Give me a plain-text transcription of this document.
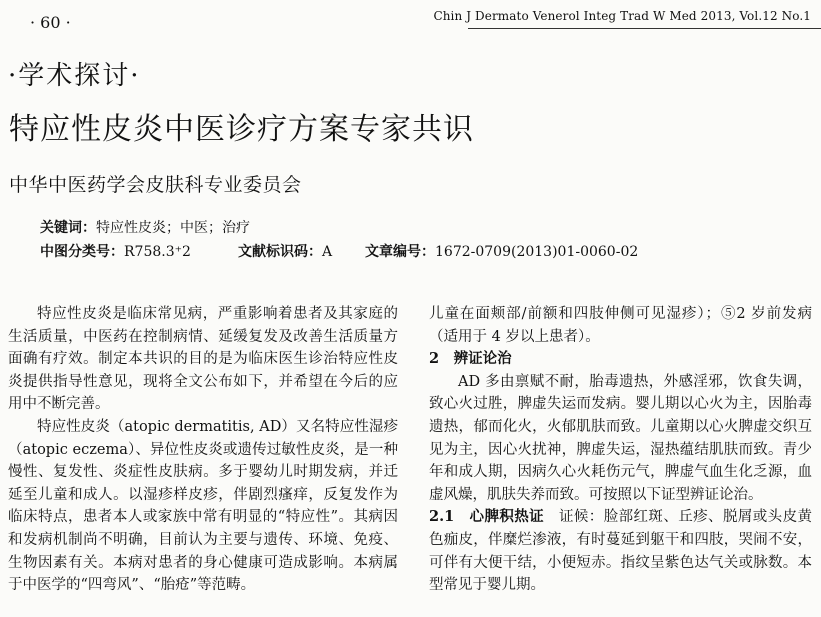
· 60 ·	Chin J Dermato Venerol Integ Trad W Med 2013, Vol.12 No.1
·学术探讨·
特应性皮炎中医诊疗方案专家共识
中华中医药学会皮肤科专业委员会
关键词：特应性皮炎；中医；治疗
中图分类号：R758.3⁺2	文献标识码：A 文章编号：1672-0709(2013)01-0060-02

特应性皮炎是临床常见病，严重影响着患者及其家庭的生活质量，中医药在控制病情、延缓复发及改善生活质量方面确有疗效。制定本共识的目的是为临床医生诊治特应性皮炎提供指导性意见，现将全文公布如下，并希望在今后的应用中不断完善。

特应性皮炎（atopic dermatitis, AD）又名特应性湿疹（atopic eczema）、异位性皮炎或遗传过敏性皮炎，是一种慢性、复发性、炎症性皮肤病。多于婴幼儿时期发病，并迁延至儿童和成人。以湿疹样皮疹，伴剧烈瘙痒，反复发作为临床特点，患者本人或家族中常有明显的“特应性”。其病因和发病机制尚不明确，目前认为主要与遗传、环境、免疫、生物因素有关。本病对患者的身心健康可造成影响。本病属于中医学的“四弯风”、“胎疮”等范畴。

儿童在面颊部/前额和四肢伸侧可见湿疹）；⑤2 岁前发病（适用于 4 岁以上患者）。

2　辨证论治

AD 多由禀赋不耐，胎毒遗热，外感淫邪，饮食失调，致心火过胜，脾虚失运而发病。婴儿期以心火为主，因胎毒遗热，郁而化火，火郁肌肤而致。儿童期以心火脾虚交织互见为主，因心火扰神，脾虚失运，湿热蕴结肌肤而致。青少年和成人期，因病久心火耗伤元气，脾虚气血生化乏源，血虚风燥，肌肤失养而致。可按照以下证型辨证论治。

2.1　心脾积热证　证候：脸部红斑、丘疹、脱屑或头皮黄色痂皮，伴糜烂渗液，有时蔓延到躯干和四肢，哭闹不安，可伴有大便干结，小便短赤。指纹呈紫色达气关或脉数。本型常见于婴儿期。
